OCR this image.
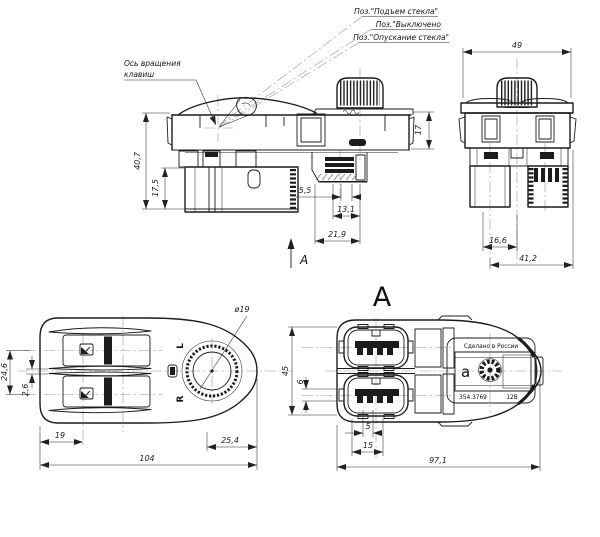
40,7
17,5
17
5,5
13,1
21,9
А
Ось вращения
клавиш
Поз."Подъем стекла"
Поз."Выключено
Поз."Опускание стекла"
49
16,6
41,2
L
R
24,6
2,6
19
25,4
104
ø19	А
Сделано в России
а
354.3769	12В
45
6
5
15
97,1
